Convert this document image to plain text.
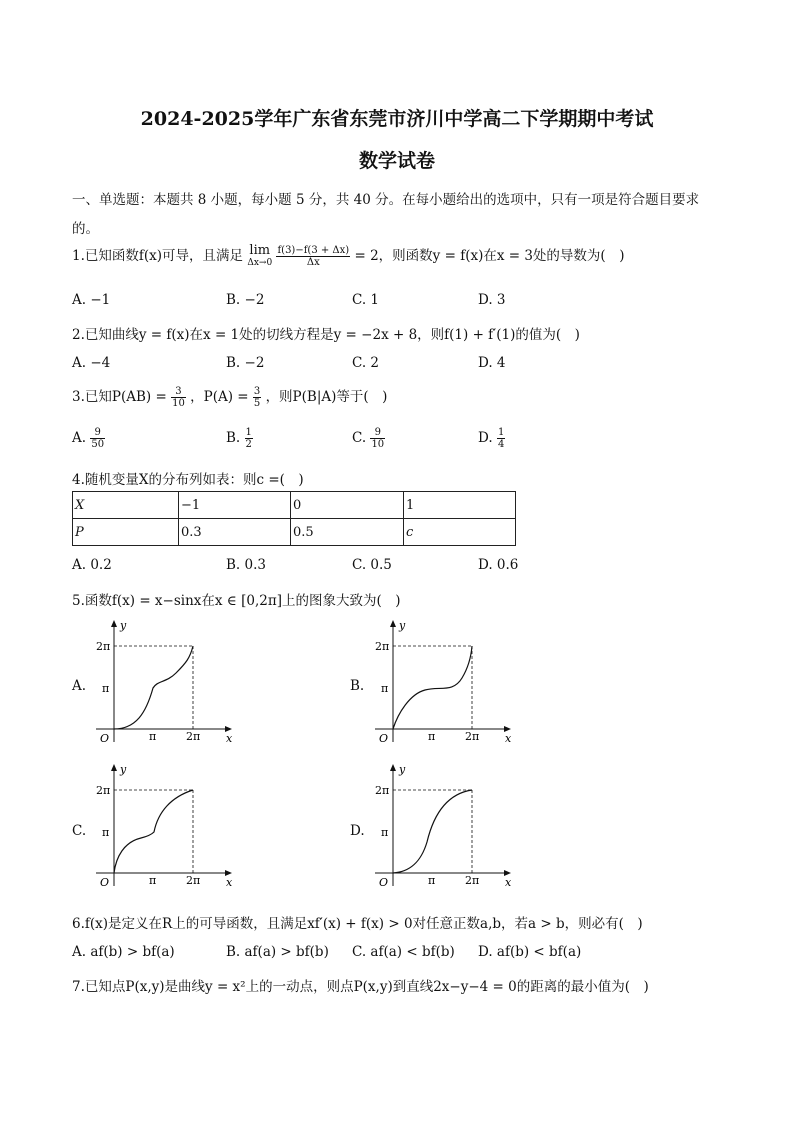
2024-2025学年广东省东莞市济川中学高二下学期期中考试
数学试卷
一、单选题：本题共 8 小题，每小题 5 分，共 40 分。在每小题给出的选项中，只有一项是符合题目要求
的。
1.已知函数f(x)可导，且满足 lim
Δx→0
$\frac{f(3)-f(3 + \Delta x)}{\Delta x} = 2$，则函数y = f(x)在x = 3处的导数为(　)
A. −1	B. −2	C. 1	D. 3
2.已知曲线y = f(x)在x = 1处的切线方程是y = −2x + 8，则f(1) + f′(1)的值为(　)
A. −4	B. −2	C. 2	D. 4
3.已知$P(AB) = \frac{3}{10}$ ，$P(A) = \frac{3}{5}$ ，则P(B|A)等于(　)
A. $\frac{9}{50}$	B. $\frac{1}{2}$	C. $\frac{9}{10}$	D. $\frac{1}{4}$
4.随机变量X的分布列如表：则c =(　)
X	−1	0	1
P	0.3	0.5	c
A. 0.2	B. 0.3	C. 0.5	D. 0.6
5.函数f(x) = x−sinx在x ∈ [0,2π]上的图象大致为(　)
A.	B.
C.	D.
y
x
O	π	2π
π
2π
y
x
O	π	2π
π
2π
y
x
O	π	2π
π
2π
y
x
O	π	2π
π
2π
6.f(x)是定义在R上的可导函数，且满足xf′(x) + f(x) > 0对任意正数a,b，若a > b，则必有(　)
A. af(b) > bf(a)	B. af(a) > bf(b) C. af(a) < bf(b) D. af(b) < bf(a)
7.已知点P(x,y)是曲线y = x²上的一动点，则点P(x,y)到直线2x−y−4 = 0的距离的最小值为(　)
